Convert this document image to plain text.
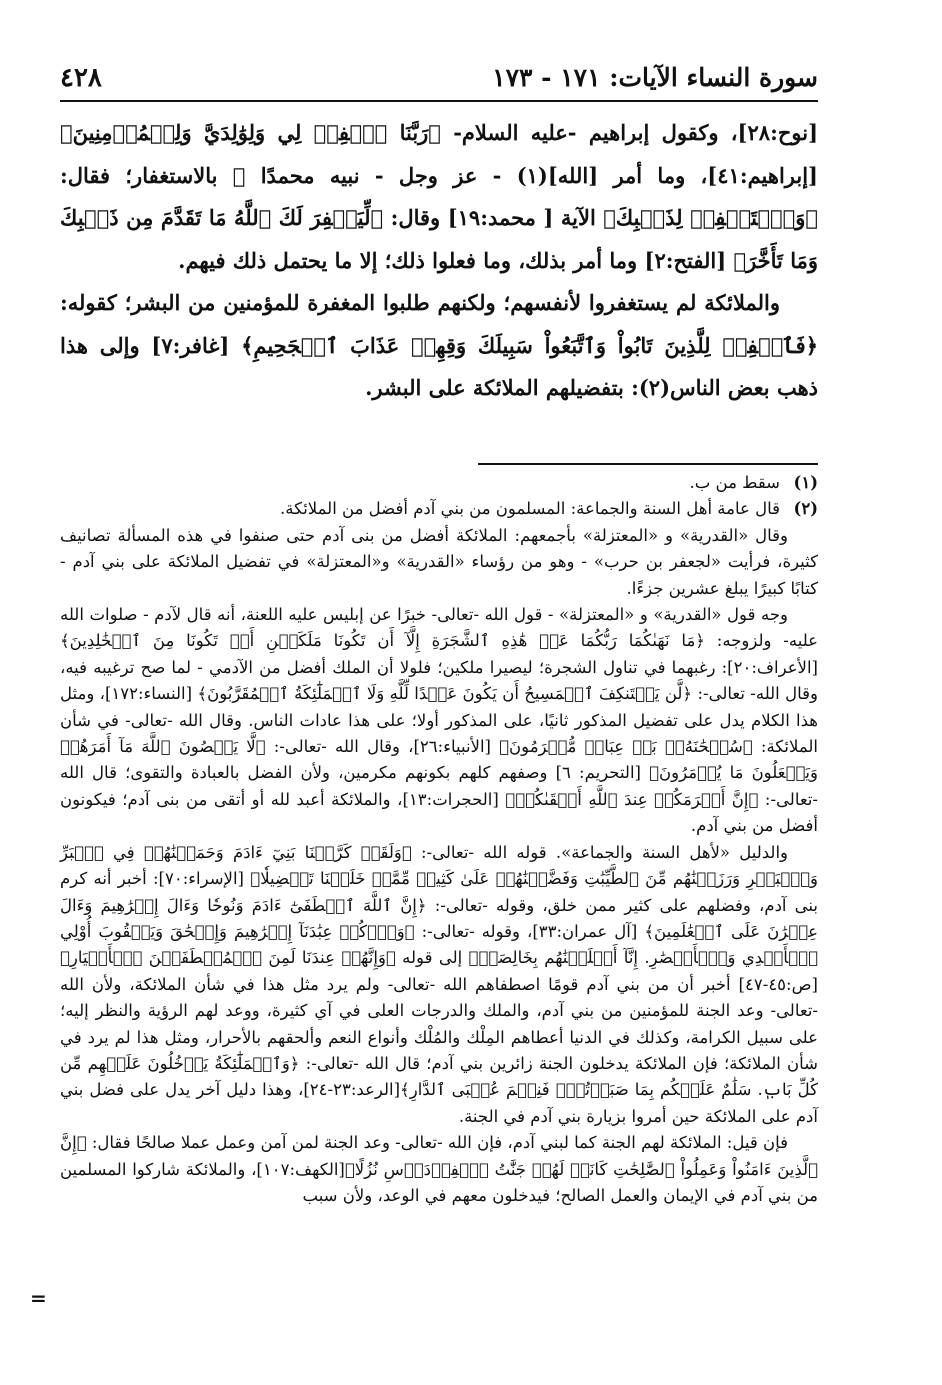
سورة النساء الآيات: ١٧١ - ١٧٣
٤٢٨

[نوح:٢٨]، وكقول إبراهيم -عليه السلام- ﴿رَبَّنَا ٱغۡفِرۡ لِي وَلِوَٰلِدَيَّ وَلِلۡمُؤۡمِنِينَ﴾ [إبراهيم:٤١]، وما أمر [الله](١) - عز وجل - نبيه محمدًا ﷺ بالاستغفار؛ فقال: ﴿وَٱسۡتَغۡفِرۡ لِذَنۢبِكَ﴾ الآية [ محمد:١٩] وقال: ﴿لِّيَغۡفِرَ لَكَ ٱللَّهُ مَا تَقَدَّمَ مِن ذَنۢبِكَ وَمَا تَأَخَّرَ﴾ [الفتح:٢] وما أمر بذلك، وما فعلوا ذلك؛ إلا ما يحتمل ذلك فيهم.

والملائكة لم يستغفروا لأنفسهم؛ ولكنهم طلبوا المغفرة للمؤمنين من البشر؛ كقوله: ﴿فَٱغۡفِرۡ لِلَّذِينَ تَابُواْ وَٱتَّبَعُواْ سَبِيلَكَ وَقِهِمۡ عَذَابَ ٱلۡجَحِيمِ﴾ [غافر:٧] وإلى هذا ذهب بعض الناس(٢): بتفضيلهم الملائكة على البشر.

(١)سقط من ب.

(٢)قال عامة أهل السنة والجماعة: المسلمون من بني آدم أفضل من الملائكة.

وقال «القدرية» و «المعتزلة» بأجمعهم: الملائكة أفضل من بنى آدم حتى صنفوا في هذه المسألة تصانيف كثيرة، فرأيت «لجعفر بن حرب» - وهو من رؤساء «القدرية» و«المعتزلة» في تفضيل الملائكة على بني آدم - كتابًا كبيرًا يبلغ عشرين جزءًا.

وجه قول «القدرية» و «المعتزلة» - قول الله -تعالى- خبرًا عن إبليس عليه اللعنة، أنه قال لآدم - صلوات الله عليه- ولزوجه: ﴿مَا نَهَىٰكُمَا رَبُّكُمَا عَنۡ هَٰذِهِ ٱلشَّجَرَةِ إِلَّآ أَن تَكُونَا مَلَكَيۡنِ أَوۡ تَكُونَا مِنَ ٱلۡخَٰلِدِينَ﴾ [الأعراف:٢٠]: رغبهما في تناول الشجرة؛ ليصيرا ملكين؛ فلولا أن الملك أفضل من الآدمي - لما صح ترغيبه فيه، وقال الله- تعالى-: ﴿لَّن يَسۡتَنكِفَ ٱلۡمَسِيحُ أَن يَكُونَ عَبۡدًا لِّلَّهِ وَلَا ٱلۡمَلَٰٓئِكَةُ ٱلۡمُقَرَّبُونَ﴾ [النساء:١٧٢]، ومثل هذا الكلام يدل على تفضيل المذكور ثانيًا، على المذكور أولا؛ على هذا عادات الناس. وقال الله -تعالى- في شأن الملائكة: ﴿سُبۡحَٰنَهُۥۚ بَلۡ عِبَادٞ مُّكۡرَمُونَ﴾ [الأنبياء:٢٦]، وقال الله -تعالى-: ﴿لَّا يَعۡصُونَ ٱللَّهَ مَآ أَمَرَهُمۡ وَيَفۡعَلُونَ مَا يُؤۡمَرُونَ﴾ [التحريم: ٦] وصفهم كلهم بكونهم مكرمين، ولأن الفضل بالعبادة والتقوى؛ قال الله -تعالى-: ﴿إِنَّ أَكۡرَمَكُمۡ عِندَ ٱللَّهِ أَتۡقَىٰكُمۡ﴾ [الحجرات:١٣]، والملائكة أعبد لله أو أتقى من بنى آدم؛ فيكونون أفضل من بني آدم.

والدليل «لأهل السنة والجماعة». قوله الله -تعالى-: ﴿وَلَقَدۡ كَرَّمۡنَا بَنِيٓ ءَادَمَ وَحَمَلۡنَٰهُمۡ فِي ٱلۡبَرِّ وَٱلۡبَحۡرِ وَرَزَقۡنَٰهُم مِّنَ ٱلطَّيِّبَٰتِ وَفَضَّلۡنَٰهُمۡ عَلَىٰ كَثِيرٖ مِّمَّنۡ خَلَقۡنَا تَفۡضِيلٗا﴾ [الإسراء:٧٠]: أخبر أنه كرم بنى آدم، وفضلهم على كثير ممن خلق، وقوله -تعالى-: ﴿إِنَّ ٱللَّهَ ٱصۡطَفَىٰٓ ءَادَمَ وَنُوحٗا وَءَالَ إِبۡرَٰهِيمَ وَءَالَ عِمۡرَٰنَ عَلَى ٱلۡعَٰلَمِينَ﴾ [آل عمران:٣٣]، وقوله -تعالى-: ﴿وَٱذۡكُرۡ عِبَٰدَنَآ إِبۡرَٰهِيمَ وَإِسۡحَٰقَ وَيَعۡقُوبَ أُوْلِي ٱلۡأَيۡدِي وَٱلۡأَبۡصَٰرِ. إِنَّآ أَخۡلَصۡنَٰهُم بِخَالِصَةٖ﴾ إلى قوله ﴿وَإِنَّهُمۡ عِندَنَا لَمِنَ ٱلۡمُصۡطَفَيۡنَ ٱلۡأَخۡيَارِ﴾ [ص:٤٥-٤٧] أخبر أن من بني آدم قومًا اصطفاهم الله -تعالى- ولم يرد مثل هذا في شأن الملائكة، ولأن الله -تعالى- وعد الجنة للمؤمنين من بني آدم، والملك والدرجات العلى في آي كثيرة، ووعد لهم الرؤية والنظر إليه؛ على سبيل الكرامة، وكذلك في الدنيا أعطاهم المِلْك والمُلْك وأنواع النعم وألحقهم بالأحرار، ومثل هذا لم يرد في شأن الملائكة؛ فإن الملائكة يدخلون الجنة زائرين بني آدم؛ قال الله -تعالى-: ﴿وَٱلۡمَلَٰٓئِكَةُ يَدۡخُلُونَ عَلَيۡهِم مِّن كُلِّ بَابٖ. سَلَٰمٌ عَلَيۡكُم بِمَا صَبَرۡتُمۡۚ فَنِعۡمَ عُقۡبَى ٱلدَّارِ﴾[الرعد:٢٣-٢٤]، وهذا دليل آخر يدل على فضل بني آدم على الملائكة حين أمروا بزيارة بني آدم في الجنة.

فإن قيل: الملائكة لهم الجنة كما لبني آدم، فإن الله -تعالى- وعد الجنة لمن آمن وعمل عملا صالحًا فقال: ﴿إِنَّ ٱلَّذِينَ ءَامَنُواْ وَعَمِلُواْ ٱلصَّٰلِحَٰتِ كَانَتۡ لَهُمۡ جَنَّٰتُ ٱلۡفِرۡدَوۡسِ نُزُلًا﴾[الكهف:١٠٧]، والملائكة شاركوا المسلمين من بني آدم في الإيمان والعمل الصالح؛ فيدخلون معهم في الوعد، ولأن سبب

=
